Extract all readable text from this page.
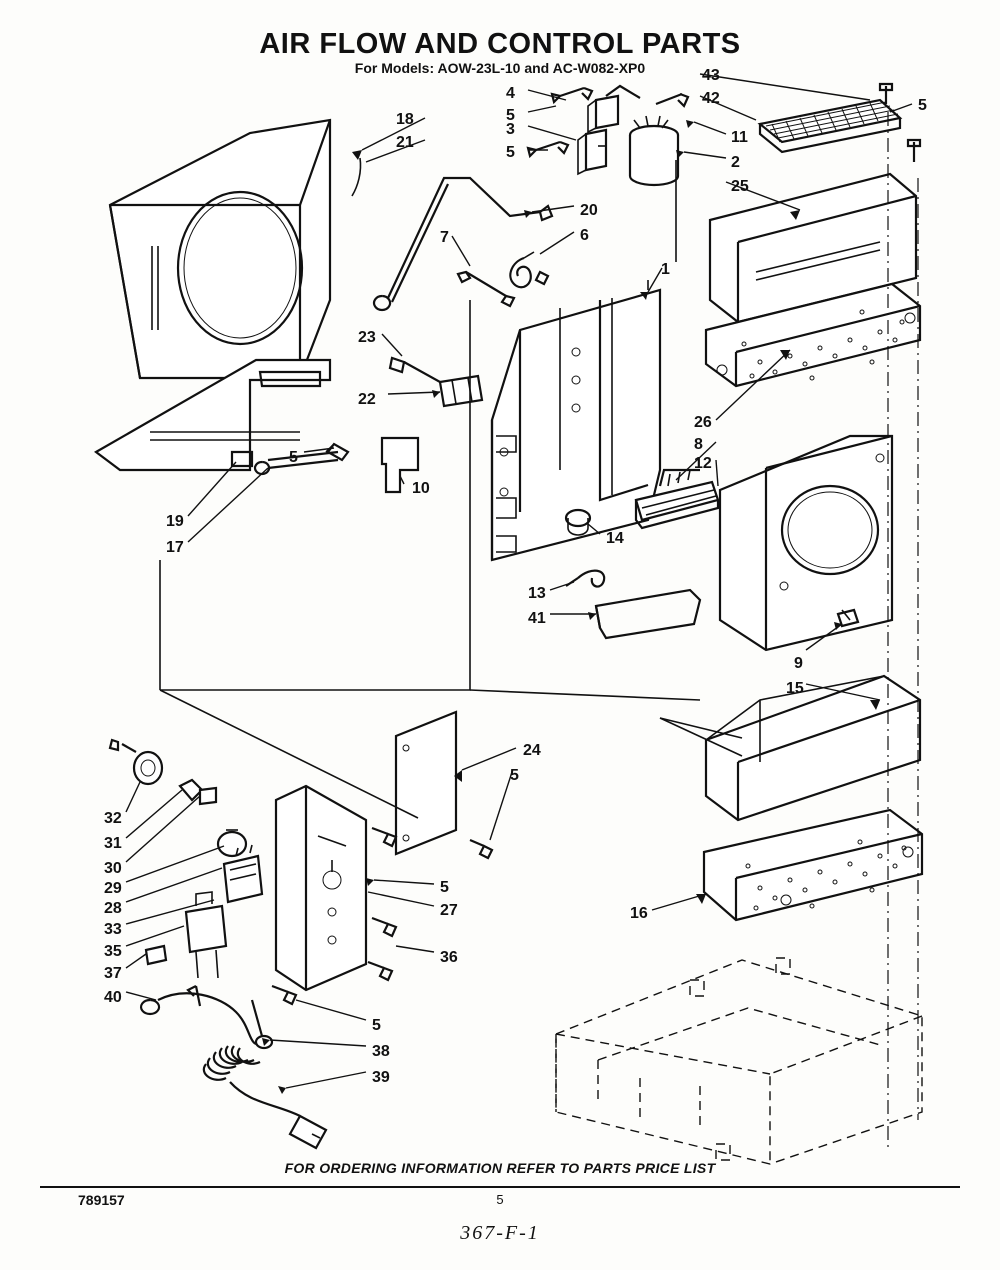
AIR FLOW AND CONTROL PARTS
For Models: AOW-23L-10 and AC-W082-XP0	43
42	5
4
5
3
5
11
2
25
18
21
20
6
7
1
23
22
26
8
12
5
10
19
17
14
13
41
9
15
24
5
32
31
30
29
28
33
35
37
40
5
27
36
16
5
38
39
FOR ORDERING INFORMATION REFER TO PARTS PRICE LIST
789157	5
367-F-1
